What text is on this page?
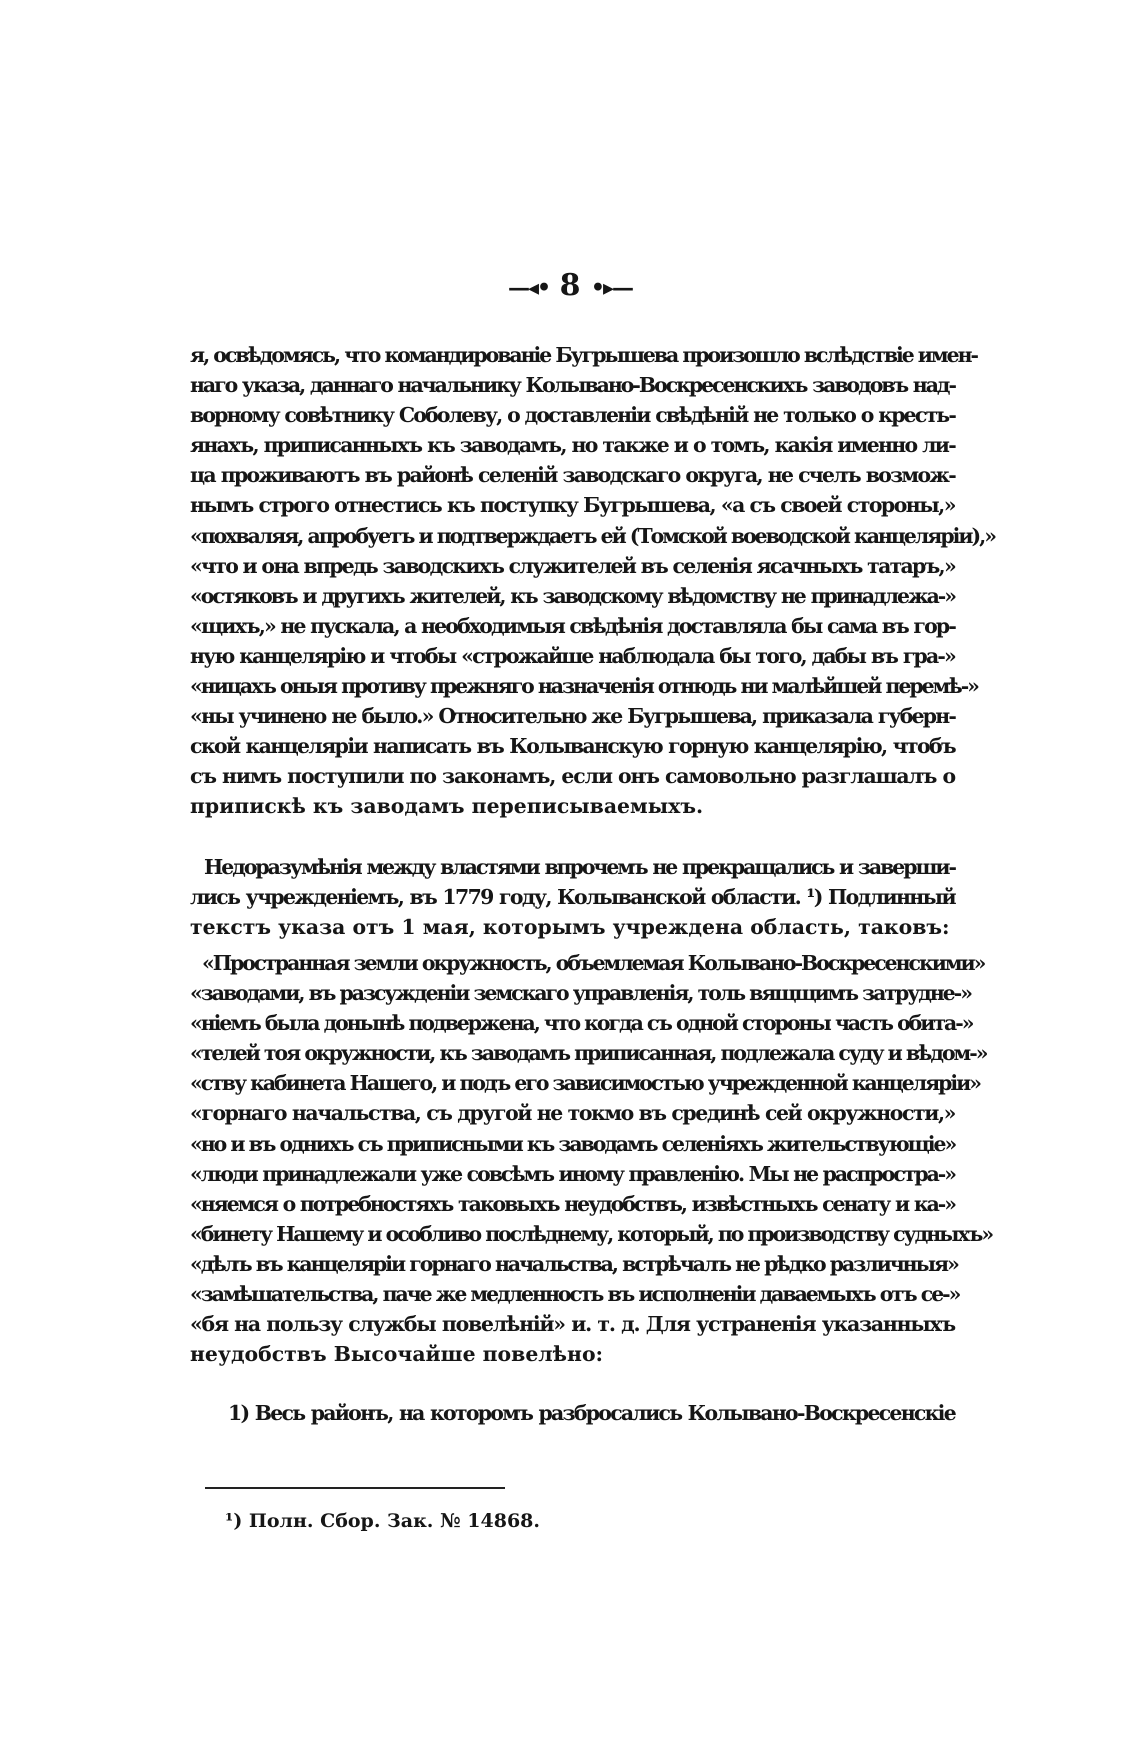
—◂• 8 •▸—
я, освѣдомясь, что командированіе Бугрышева произошло вслѣдствіе имен-
наго указа, даннаго начальнику Колывано-Воскресенскихъ заводовъ над-
ворному совѣтнику Соболеву, о доставленіи свѣдѣній не только о кресть-
янахъ, приписанныхъ къ заводамъ, но также и о томъ, какія именно ли-
ца проживаютъ въ районѣ селеній заводскаго округа, не счелъ возмож-
нымъ строго отнестись къ поступку Бугрышева, «а съ своей стороны,»
«похваляя, апробуетъ и подтверждаетъ ей (Томской воеводской канцеляріи),»
«что и она впредь заводскихъ служителей въ селенія ясачныхъ татаръ,»
«остяковъ и другихъ жителей, къ заводскому вѣдомству не принадлежа-»
«щихъ,» не пускала, а необходимыя свѣдѣнія доставляла бы сама въ гор-
ную канцелярію и чтобы «строжайше наблюдала бы того, дабы въ гра-»
«ницахъ оныя противу прежняго назначенія отнюдь ни малѣйшей перемѣ-»
«ны учинено не было.» Относительно же Бугрышева, приказала губерн-
ской канцеляріи написать въ Колыванскую горную канцелярію, чтобъ
съ нимъ поступили по законамъ, если онъ самовольно разглашалъ о
припискѣ къ заводамъ переписываемыхъ.
Недоразумѣнія между властями впрочемъ не прекращались и заверши-
лись учрежденіемъ, въ 1779 году, Колыванской области. ¹) Подлинный
текстъ указа отъ 1 мая, которымъ учреждена область, таковъ:
«Пространная земли окружность, объемлемая Колывано-Воскресенскими»
«заводами, въ разсужденіи земскаго управленія, толь вящщимъ затрудне-»
«ніемъ была донынѣ подвержена, что когда съ одной стороны часть обита-»
«телей тоя окружности, къ заводамъ приписанная, подлежала суду и вѣдом-»
«ству кабинета Нашего, и подъ его зависимостью учрежденной канцеляріи»
«горнаго начальства, съ другой не токмо въ срединѣ сей окружности,»
«но и въ однихъ съ приписными къ заводамъ селеніяхъ жительствующіе»
«люди принадлежали уже совсѣмъ иному правленію. Мы не распростра-»
«няемся о потребностяхъ таковыхъ неудобствъ, извѣстныхъ сенату и ка-»
«бинету Нашему и особливо послѣднему, который, по производству судныхъ»
«дѣлъ въ канцеляріи горнаго начальства, встрѣчалъ не рѣдко различныя»
«замѣшательства, паче же медленность въ исполненіи даваемыхъ отъ се-»
«бя на пользу службы повелѣній» и. т. д. Для устраненія указанныхъ
неудобствъ Высочайше повелѣно:
1) Весь районъ, на которомъ разбросались Колывано-Воскресенскіе
¹) Полн. Сбор. Зак. № 14868.
